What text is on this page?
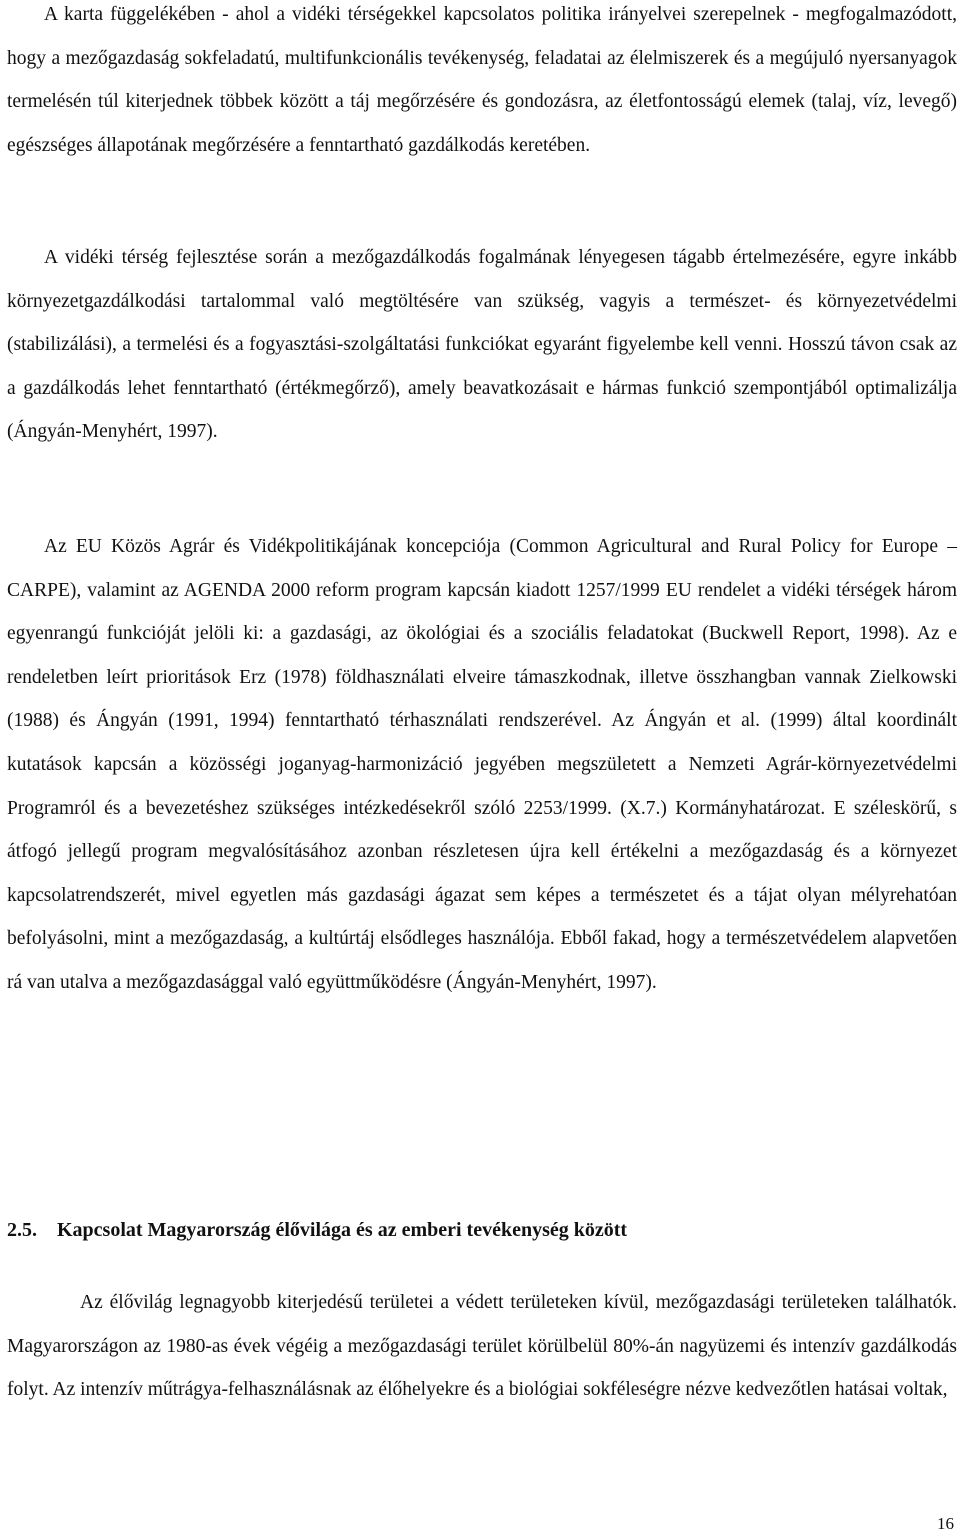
A karta függelékében - ahol a vidéki térségekkel kapcsolatos politika irányelvei szerepelnek - megfogalmazódott, hogy a mezőgazdaság sokfeladatú, multifunkcionális tevékenység, feladatai az élelmiszerek és a megújuló nyersanyagok termelésén túl kiterjednek többek között a táj megőrzésére és gondozásra, az életfontosságú elemek (talaj, víz, levegő) egészséges állapotának megőrzésére a fenntartható gazdálkodás keretében.

A vidéki térség fejlesztése során a mezőgazdálkodás fogalmának lényegesen tágabb értelmezésére, egyre inkább környezetgazdálkodási tartalommal való megtöltésére van szükség, vagyis a természet- és környezetvédelmi (stabilizálási), a termelési és a fogyasztási-szolgáltatási funkciókat egyaránt figyelembe kell venni. Hosszú távon csak az a gazdálkodás lehet fenntartható (értékmegőrző), amely beavatkozásait e hármas funkció szempontjából optimalizálja (Ángyán-Menyhért, 1997).

Az EU Közös Agrár és Vidékpolitikájának koncepciója (Common Agricultural and Rural Policy for Europe – CARPE), valamint az AGENDA 2000 reform program kapcsán kiadott 1257/1999 EU rendelet a vidéki térségek három egyenrangú funkcióját jelöli ki: a gazdasági, az ökológiai és a szociális feladatokat (Buckwell Report, 1998). Az e rendeletben leírt prioritások Erz (1978) földhasználati elveire támaszkodnak, illetve összhangban vannak Zielkowski (1988) és Ángyán (1991, 1994) fenntartható térhasználati rendszerével. Az Ángyán et al. (1999) által koordinált kutatások kapcsán a közösségi joganyag-harmonizáció jegyében megszületett a Nemzeti Agrár-környezetvédelmi Programról és a bevezetéshez szükséges intézkedésekről szóló 2253/1999. (X.7.) Kormányhatározat. E széleskörű, s átfogó jellegű program megvalósításához azonban részletesen újra kell értékelni a mezőgazdaság és a környezet kapcsolatrendszerét, mivel egyetlen más gazdasági ágazat sem képes a természetet és a tájat olyan mélyrehatóan befolyásolni, mint a mezőgazdaság, a kultúrtáj elsődleges használója. Ebből fakad, hogy a természetvédelem alapvetően rá van utalva a mezőgazdasággal való együttműködésre (Ángyán-Menyhért, 1997).

2.5. Kapcsolat Magyarország élővilága és az emberi tevékenység között

Az élővilág legnagyobb kiterjedésű területei a védett területeken kívül, mezőgazdasági területeken találhatók. Magyarországon az 1980-as évek végéig a mezőgazdasági terület körülbelül 80%-án nagyüzemi és intenzív gazdálkodás folyt. Az intenzív műtrágya-felhasználásnak az élőhelyekre és a biológiai sokféleségre nézve kedvezőtlen hatásai voltak,

16
